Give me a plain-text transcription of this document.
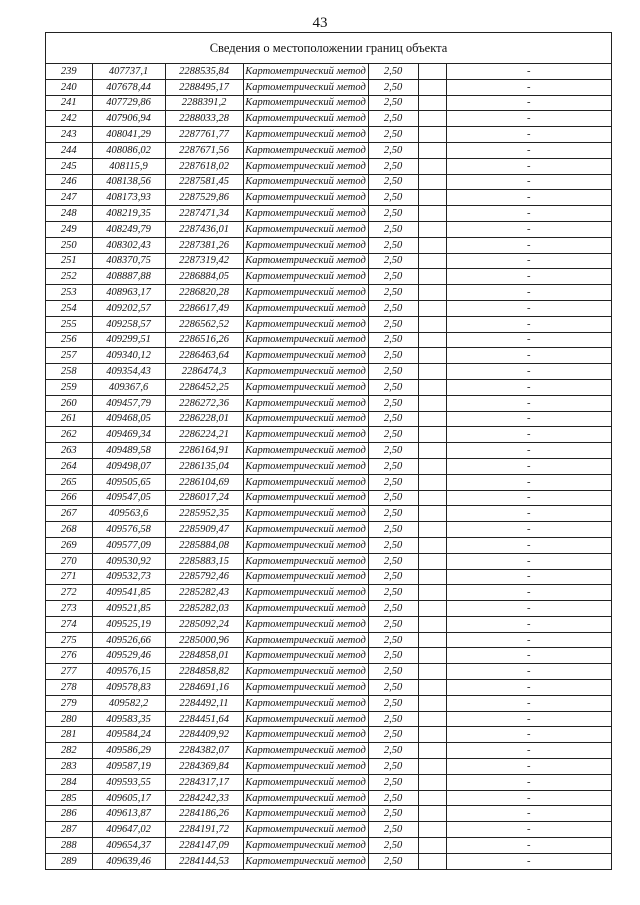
43
Сведения о местоположении границ объекта
239	407737,1	2288535,84	Картометрический метод	2,50		-
240	407678,44	2288495,17	Картометрический метод	2,50		-
241	407729,86	2288391,2	Картометрический метод	2,50		-
242	407906,94	2288033,28	Картометрический метод	2,50		-
243	408041,29	2287761,77	Картометрический метод	2,50		-
244	408086,02	2287671,56	Картометрический метод	2,50		-
245	408115,9	2287618,02	Картометрический метод	2,50		-
246	408138,56	2287581,45	Картометрический метод	2,50		-
247	408173,93	2287529,86	Картометрический метод	2,50		-
248	408219,35	2287471,34	Картометрический метод	2,50		-
249	408249,79	2287436,01	Картометрический метод	2,50		-
250	408302,43	2287381,26	Картометрический метод	2,50		-
251	408370,75	2287319,42	Картометрический метод	2,50		-
252	408887,88	2286884,05	Картометрический метод	2,50		-
253	408963,17	2286820,28	Картометрический метод	2,50		-
254	409202,57	2286617,49	Картометрический метод	2,50		-
255	409258,57	2286562,52	Картометрический метод	2,50		-
256	409299,51	2286516,26	Картометрический метод	2,50		-
257	409340,12	2286463,64	Картометрический метод	2,50		-
258	409354,43	2286474,3	Картометрический метод	2,50		-
259	409367,6	2286452,25	Картометрический метод	2,50		-
260	409457,79	2286272,36	Картометрический метод	2,50		-
261	409468,05	2286228,01	Картометрический метод	2,50		-
262	409469,34	2286224,21	Картометрический метод	2,50		-
263	409489,58	2286164,91	Картометрический метод	2,50		-
264	409498,07	2286135,04	Картометрический метод	2,50		-
265	409505,65	2286104,69	Картометрический метод	2,50		-
266	409547,05	2286017,24	Картометрический метод	2,50		-
267	409563,6	2285952,35	Картометрический метод	2,50		-
268	409576,58	2285909,47	Картометрический метод	2,50		-
269	409577,09	2285884,08	Картометрический метод	2,50		-
270	409530,92	2285883,15	Картометрический метод	2,50		-
271	409532,73	2285792,46	Картометрический метод	2,50		-
272	409541,85	2285282,43	Картометрический метод	2,50		-
273	409521,85	2285282,03	Картометрический метод	2,50		-
274	409525,19	2285092,24	Картометрический метод	2,50		-
275	409526,66	2285000,96	Картометрический метод	2,50		-
276	409529,46	2284858,01	Картометрический метод	2,50		-
277	409576,15	2284858,82	Картометрический метод	2,50		-
278	409578,83	2284691,16	Картометрический метод	2,50		-
279	409582,2	2284492,11	Картометрический метод	2,50		-
280	409583,35	2284451,64	Картометрический метод	2,50		-
281	409584,24	2284409,92	Картометрический метод	2,50		-
282	409586,29	2284382,07	Картометрический метод	2,50		-
283	409587,19	2284369,84	Картометрический метод	2,50		-
284	409593,55	2284317,17	Картометрический метод	2,50		-
285	409605,17	2284242,33	Картометрический метод	2,50		-
286	409613,87	2284186,26	Картометрический метод	2,50		-
287	409647,02	2284191,72	Картометрический метод	2,50		-
288	409654,37	2284147,09	Картометрический метод	2,50		-
289	409639,46	2284144,53	Картометрический метод	2,50		-
